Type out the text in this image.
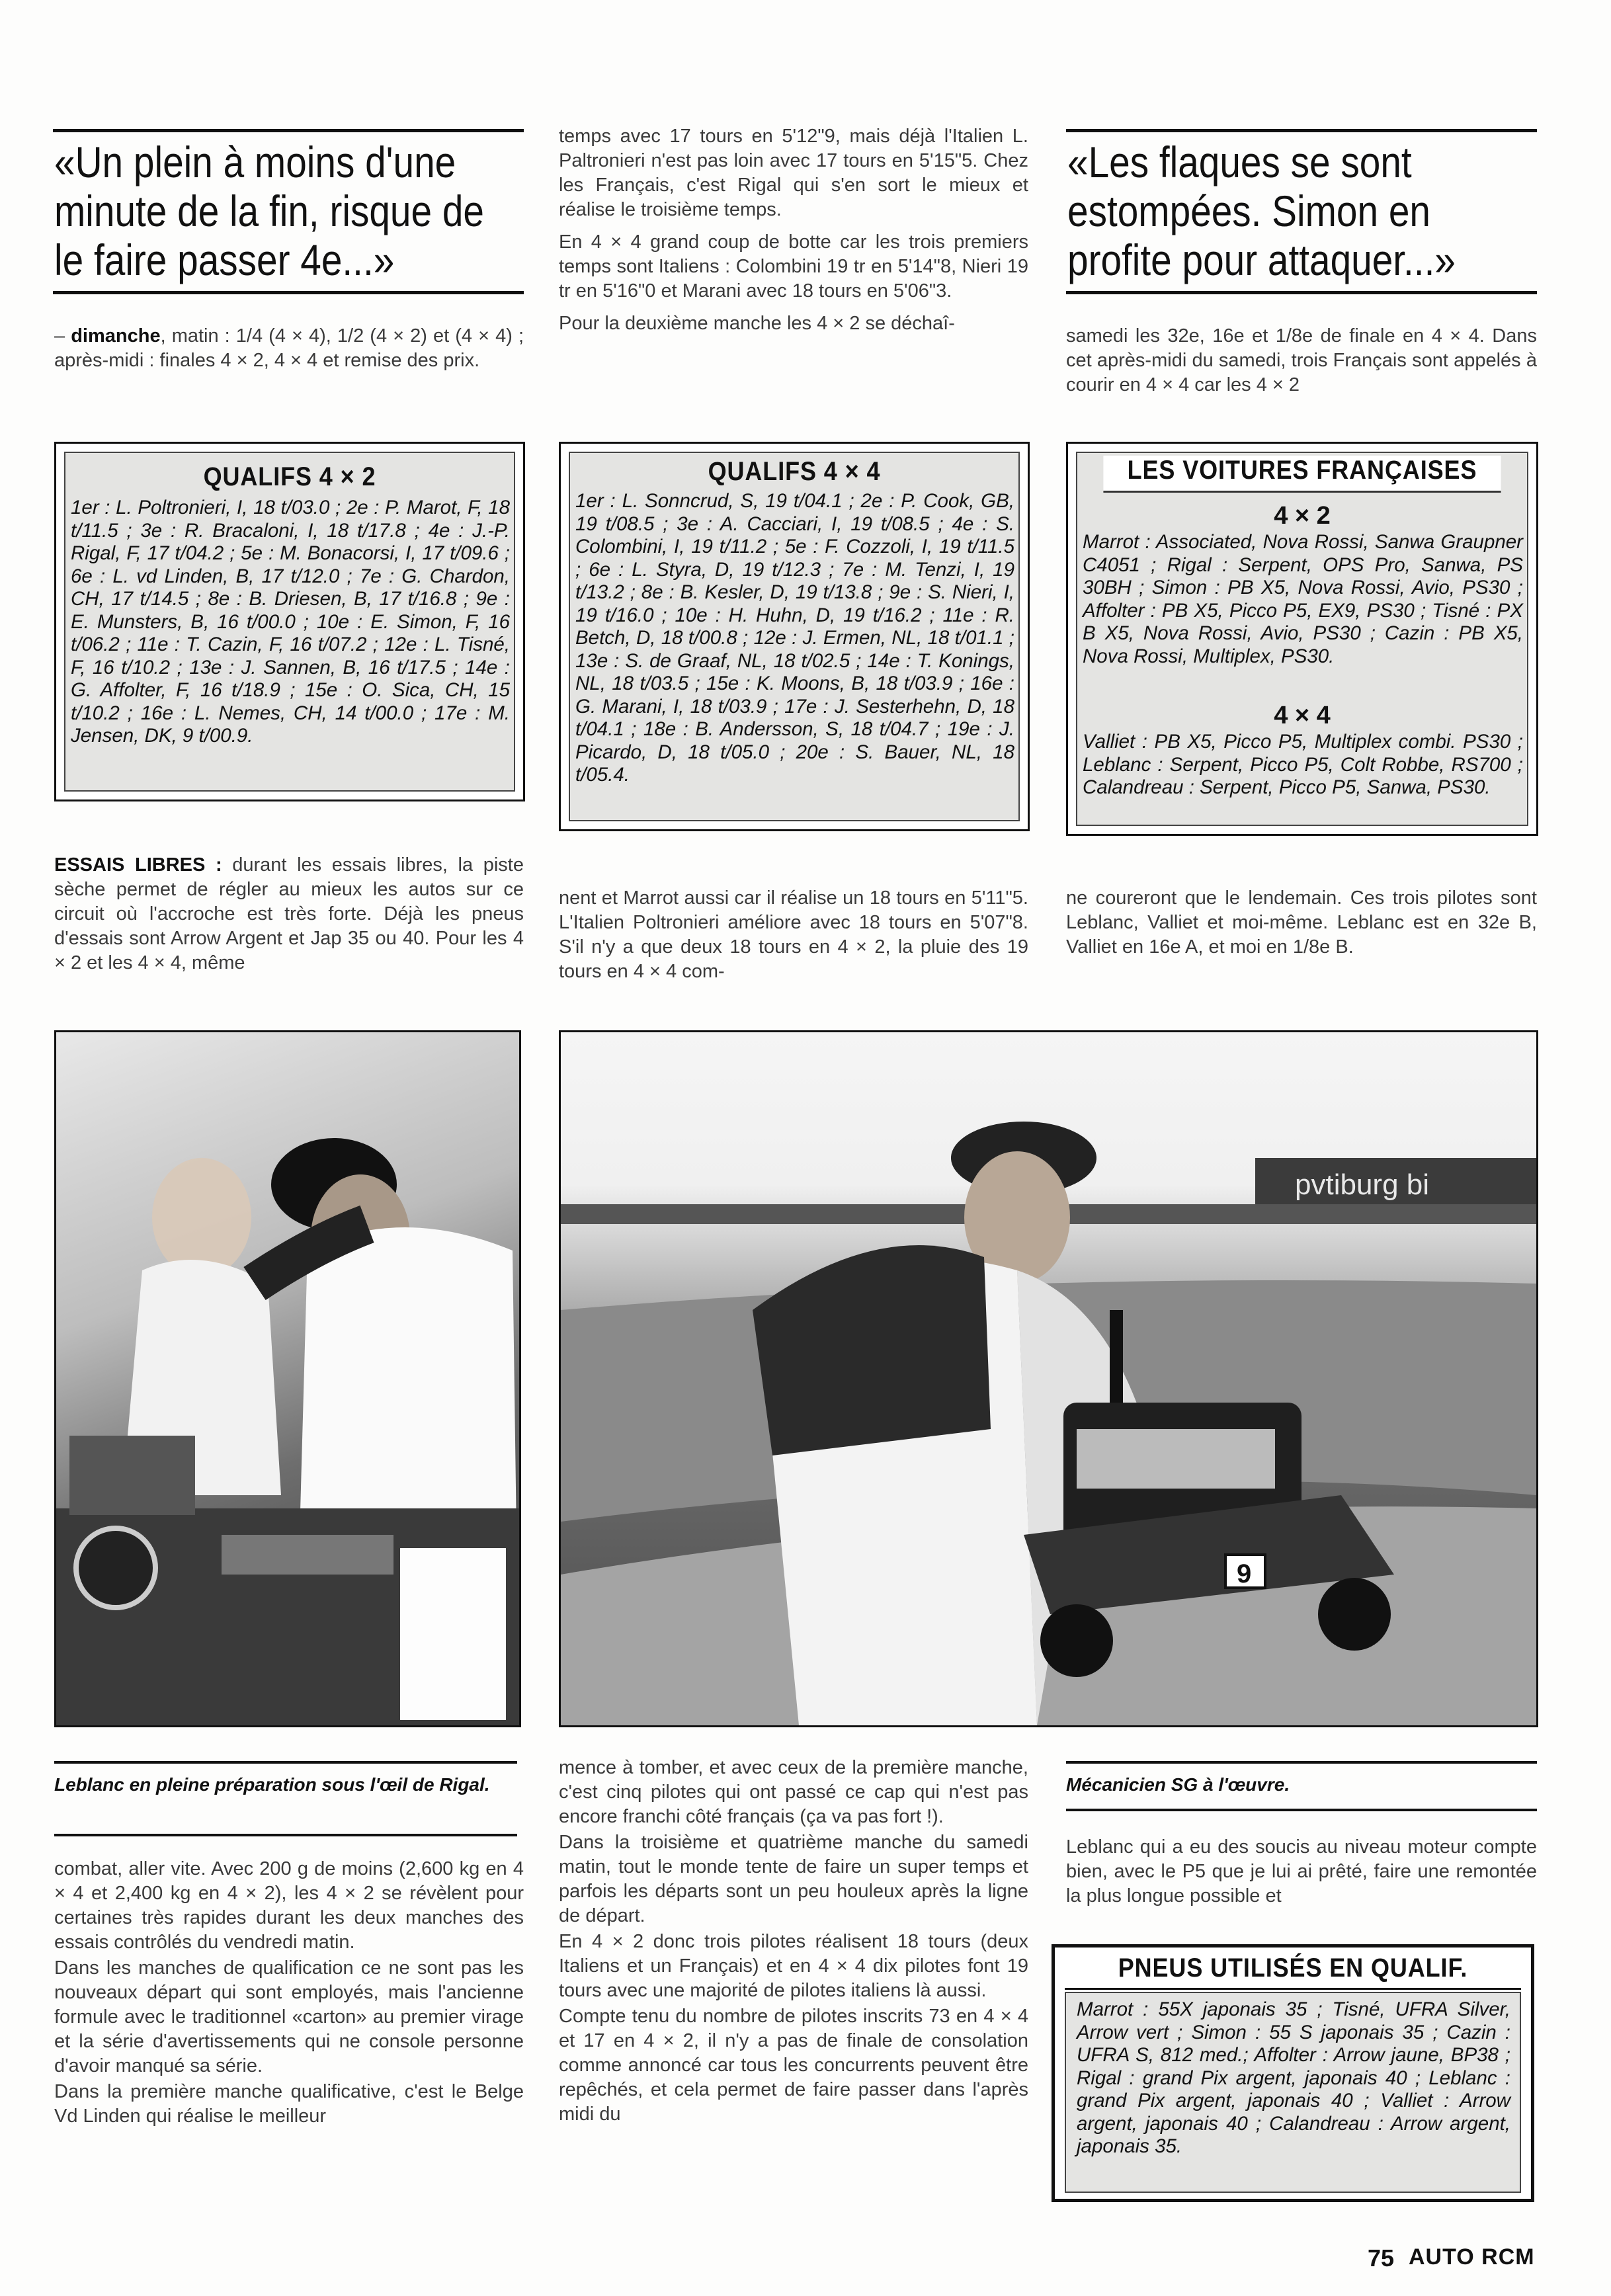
«Un plein à moins d'une
minute de la fin, risque de
le faire passer 4e...»
«Les flaques se sont
estompées. Simon en
profite pour attaquer...»

– dimanche, matin : 1/4 (4 × 4), 1/2 (4 × 2) et (4 × 4) ; après-midi : finales 4 × 2, 4 × 4 et remise des prix.

temps avec 17 tours en 5'12"9, mais déjà l'Italien L. Paltronieri n'est pas loin avec 17 tours en 5'15"5. Chez les Français, c'est Rigal qui s'en sort le mieux et réalise le troisième temps.

En 4 × 4 grand coup de botte car les trois premiers temps sont Italiens : Colombini 19 tr en 5'14"8, Nieri 19 tr en 5'16"0 et Marani avec 18 tours en 5'06"3.

Pour la deuxième manche les 4 × 2 se déchaî-

samedi les 32e, 16e et 1/8e de finale en 4 × 4. Dans cet après-midi du samedi, trois Français sont appelés à courir en 4 × 4 car les 4 × 2

QUALIFS 4 × 2
1er : L. Poltronieri, I, 18 t/03.0 ; 2e : P. Marot, F, 18 t/11.5 ; 3e : R. Bracaloni, I, 18 t/17.8 ; 4e : J.-P. Rigal, F, 17 t/04.2 ; 5e : M. Bonacorsi, I, 17 t/09.6 ; 6e : L. vd Linden, B, 17 t/12.0 ; 7e : G. Chardon, CH, 17 t/14.5 ; 8e : B. Driesen, B, 17 t/16.8 ; 9e : E. Munsters, B, 16 t/00.0 ; 10e : E. Simon, F, 16 t/06.2 ; 11e : T. Cazin, F, 16 t/07.2 ; 12e : L. Tisné, F, 16 t/10.2 ; 13e : J. Sannen, B, 16 t/17.5 ; 14e : G. Affolter, F, 16 t/18.9 ; 15e : O. Sica, CH, 15 t/10.2 ; 16e : L. Nemes, CH, 14 t/00.0 ; 17e : M. Jensen, DK, 9 t/00.9.
QUALIFS 4 × 4
1er : L. Sonncrud, S, 19 t/04.1 ; 2e : P. Cook, GB, 19 t/08.5 ; 3e : A. Cacciari, I, 19 t/08.5 ; 4e : S. Colombini, I, 19 t/11.2 ; 5e : F. Cozzoli, I, 19 t/11.5 ; 6e : L. Styra, D, 19 t/12.3 ; 7e : M. Tenzi, I, 19 t/13.2 ; 8e : B. Kesler, D, 19 t/13.8 ; 9e : S. Nieri, I, 19 t/16.0 ; 10e : H. Huhn, D, 19 t/16.2 ; 11e : R. Betch, D, 18 t/00.8 ; 12e : J. Ermen, NL, 18 t/01.1 ; 13e : S. de Graaf, NL, 18 t/02.5 ; 14e : T. Konings, NL, 18 t/03.5 ; 15e : K. Moons, B, 18 t/03.9 ; 16e : G. Marani, I, 18 t/03.9 ; 17e : J. Sesterhehn, D, 18 t/04.1 ; 18e : B. Andersson, S, 18 t/04.7 ; 19e : J. Picardo, D, 18 t/05.0 ; 20e : S. Bauer, NL, 18 t/05.4.
LES VOITURES FRANÇAISES
4 × 2
Marrot : Associated, Nova Rossi, Sanwa Graupner C4051 ; Rigal : Serpent, OPS Pro, Sanwa, PS 30BH ; Simon : PB X5, Nova Rossi, Avio, PS30 ; Affolter : PB X5, Picco P5, EX9, PS30 ; Tisné : PX B X5, Nova Rossi, Avio, PS30 ; Cazin : PB X5, Nova Rossi, Multiplex, PS30.
4 × 4
Valliet : PB X5, Picco P5, Multiplex combi. PS30 ; Leblanc : Serpent, Picco P5, Colt Robbe, RS700 ; Calandreau : Serpent, Picco P5, Sanwa, PS30.

ESSAIS LIBRES : durant les essais libres, la piste sèche permet de régler au mieux les autos sur ce circuit où l'accroche est très forte. Déjà les pneus d'essais sont Arrow Argent et Jap 35 ou 40. Pour les 4 × 2 et les 4 × 4, même

nent et Marrot aussi car il réalise un 18 tours en 5'11"5. L'Italien Poltronieri améliore avec 18 tours en 5'07"8. S'il n'y a que deux 18 tours en 4 × 2, la pluie des 19 tours en 4 × 4 com-

ne coureront que le lendemain. Ces trois pilotes sont Leblanc, Valliet et moi-même. Leblanc est en 32e B, Valliet en 16e A, et moi en 1/8e B.

pvtiburg bi
9
Leblanc en pleine préparation sous l'œil de Rigal.	Mécanicien SG à l'œuvre.

combat, aller vite. Avec 200 g de moins (2,600 kg en 4 × 4 et 2,400 kg en 4 × 2), les 4 × 2 se révèlent pour certaines très rapides durant les deux manches des essais contrôlés du vendredi matin.

Dans les manches de qualification ce ne sont pas les nouveaux départ qui sont employés, mais l'ancienne formule avec le traditionnel «carton» au premier virage et la série d'avertissements qui ne console personne d'avoir manqué sa série.

Dans la première manche qualificative, c'est le Belge Vd Linden qui réalise le meilleur

mence à tomber, et avec ceux de la première manche, c'est cinq pilotes qui ont passé ce cap qui n'est pas encore franchi côté français (ça va pas fort !).

Dans la troisième et quatrième manche du samedi matin, tout le monde tente de faire un super temps et parfois les départs sont un peu houleux après la ligne de départ.

En 4 × 2 donc trois pilotes réalisent 18 tours (deux Italiens et un Français) et en 4 × 4 dix pilotes font 19 tours avec une majorité de pilotes italiens là aussi.

Compte tenu du nombre de pilotes inscrits 73 en 4 × 4 et 17 en 4 × 2, il n'y a pas de finale de consolation comme annoncé car tous les concurrents peuvent être repêchés, et cela permet de faire passer dans l'après midi du

Leblanc qui a eu des soucis au niveau moteur compte bien, avec le P5 que je lui ai prêté, faire une remontée la plus longue possible et

PNEUS UTILISÉS EN QUALIF.
Marrot : 55X japonais 35 ; Tisné, UFRA Silver, Arrow vert ; Simon : 55 S japonais 35 ; Cazin : UFRA S, 812 med.; Affolter : Arrow jaune, BP38 ; Rigal : grand Pix argent, japonais 40 ; Leblanc : grand Pix argent, japonais 40 ; Valliet : Arrow argent, japonais 40 ; Calandreau : Arrow argent, japonais 35.
75 AUTO RCM
